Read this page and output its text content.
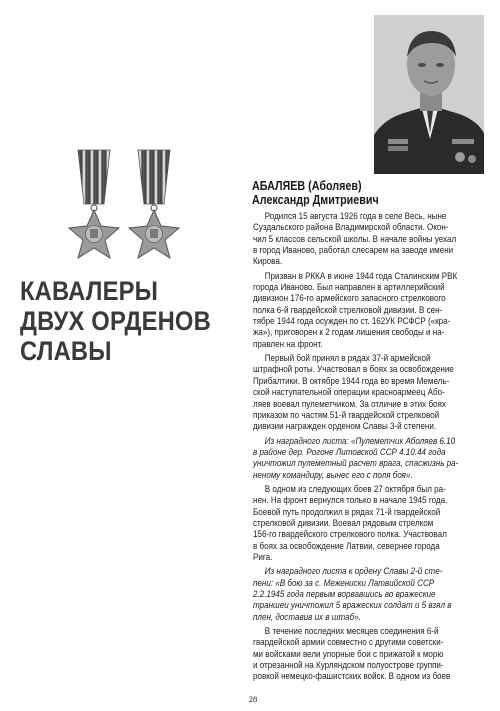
КАВАЛЕРЫ
ДВУХ ОРДЕНОВ
СЛАВЫ
АБАЛЯЕВ (Аболяев)
Александр Дмитриевич
Родился 15 августа 1926 года в селе Весь, ныне
Суздальского района Владимирской области. Окон-
чил 5 классов сельской школы. В начале войны уехал
в город Иваново, работал слесарем на заводе имени
Кирова.
Призван в РККА в июне 1944 года Сталинским РВК
города Иваново. Был направлен в артиллерийский
дивизион 176-го армейского запасного стрелкового
полка 6-й гвардейской стрелковой дивизии. В сен-
тябре 1944 года осужден по ст. 162УК РСФСР («кра-
жа»), приговорен к 2 годам лишения свободы и на-
правлен на фронт.
Первый бой принял в рядах 37-й армейской
штрафной роты. Участвовал в боях за освобождение
Прибалтики. В октябре 1944 года во время Мемель-
ской наступательной операции красноармеец Або-
ляев воевал пулеметчиком. За отличие в этих боях
приказом по частям 51-й гвардейской стрелковой
дивизии награжден орденом Славы 3-й степени.
Из наградного листа: «Пулеметчик Аболяев 6.10
в районе дер. Рогоне Литовской ССР 4.10.44 года
уничтожил пулеметный расчет врага, спасжизнь ра-
неному командиру, вынес его с поля боя».
В одном из следующих боев 27 октября был ра-
нен. На фронт вернулся только в начале 1945 года.
Боевой путь продолжил в рядах 71-й гвардейской
стрелковой дивизии. Воевал рядовым стрелком
156-го гвардейского стрелкового полка. Участвовал
в боях за освобождение Латвии, севернее города
Рига.
Из наградного листа к ордену Славы 2-й сте-
пени: «В бою за с. Межениски Латвийской ССР
2.2.1945 года первым ворвавшись во вражеские
траншеи уничтожил 5 вражеских солдат и 5 взял в
плен, доставив их в штаб».
В течение последних месяцев соединения 6-й
гвардейской армии совместно с другими советски-
ми войсками вели упорные бои с прижатой к морю
и отрезанной на Курляндском полуострове группи-
ровкой немецко-фашистских войск. В одном из боев
28
